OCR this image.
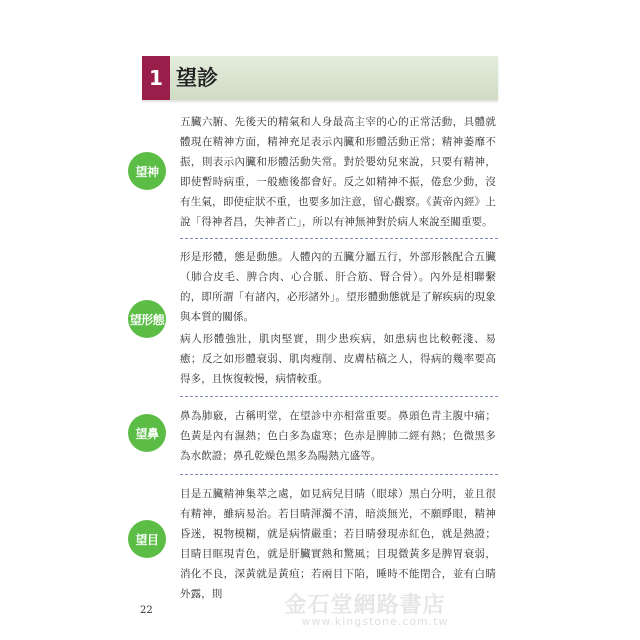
1 望診

五臟六腑、先後天的精氣和人身最高主宰的心的正常活動，具體就體現在精神方面，精神充足表示內臟和形體活動正常；精神萎靡不振，則表示內臟和形體活動失常。對於嬰幼兒來說，只要有精神，即使暫時病重，一般癒後都會好。反之如精神不振，倦怠少動，沒有生氣，即使症狀不重，也要多加注意，留心觀察。《黃帝內經》上說「得神者昌，失神者亡」，所以有神無神對於病人來說至關重要。

望神

形是形體，態是動態。人體內的五臟分屬五行，外部形骸配合五臟（肺合皮毛、脾合肉、心合脈、肝合筋、腎合骨）。內外是相聯繫的，即所謂「有諸內，必形諸外」。望形體動態就是了解疾病的現象與本質的關係。

病人形體強壯，肌肉堅實，則少患疾病，如患病也比較輕淺、易癒；反之如形體衰弱、肌肉瘦削、皮膚枯稿之人，得病的幾率要高得多，且恢復較慢，病情較重。

望形態

鼻為肺竅，古稱明堂，在望診中亦相當重要。鼻頭色青主腹中痛；色黃是內有濕熱；色白多為虛寒；色赤是脾肺二經有熱；色微黑多為水飲證；鼻孔乾燥色黑多為陽熱亢盛等。

望鼻

目是五臟精神集萃之處，如見病兒目睛（眼球）黑白分明，並且很有精神，雖病易治。若目睛渾濁不清，暗淡無光，不願睜眼，精神昏迷，視物模糊，就是病情嚴重；若目睛發現赤紅色，就是熱證；目睛目眶現青色，就是肝臟實熱和驚風；目現微黃多是脾胃衰弱，消化不良，深黃就是黃疸；若兩目下陷，睡時不能閉合，並有白睛外露，則

望目
22	金石堂網路書店
www.kingstone.com.tw
